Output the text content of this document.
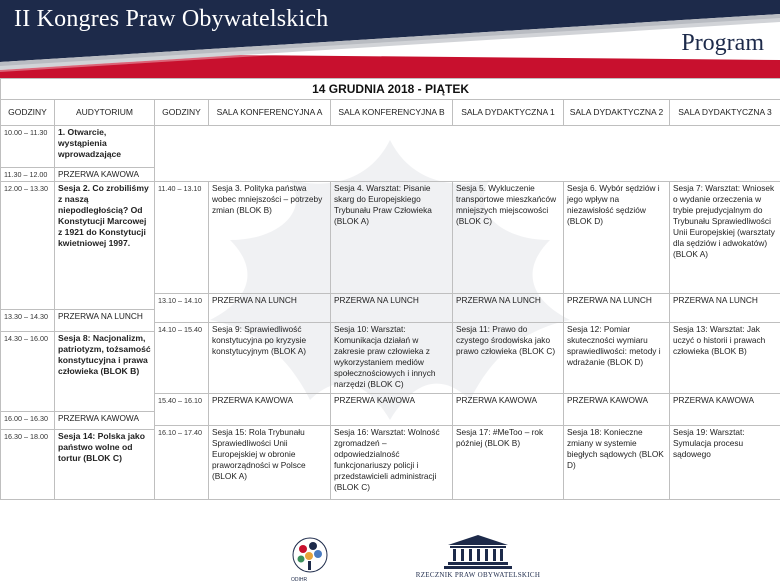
II Kongres Praw Obywatelskich
Program
14 GRUDNIA 2018 - PIĄTEK							
GODZINY	AUDYTORIUM	GODZINY	SALA KONFERENCYJNA A	SALA KONFERENCYJNA B	SALA DYDAKTYCZNA 1	SALA DYDAKTYCZNA 2	SALA DYDAKTYCZNA 3
10.00 – 11.30	1. Otwarcie, wystąpienia wprowadzające						
11.30 – 12.00	PRZERWA KAWOWA						
12.00 – 13.30	Sesja 2. Co zrobiliśmy z naszą niepodległością? Od Konstytucji Marcowej z 1921 do Konstytucji kwietniowej 1997.	11.40 – 13.10	Sesja 3. Polityka państwa wobec mniejszości – potrzeby zmian (BLOK B)	Sesja 4. Warsztat: Pisanie skarg do Europejskiego Trybunału Praw Człowieka (BLOK A)	Sesja 5. Wykluczenie transportowe mieszkańców mniejszych miejscowości (BLOK C)	Sesja 6. Wybór sędziów i jego wpływ na niezawisłość sędziów (BLOK D)	Sesja 7: Warsztat: Wniosek o wydanie orzeczenia w trybie prejudycjalnym do Trybunału Sprawiedliwości Unii Europejskiej (warsztaty dla sędziów i adwokatów) (BLOK A)
		13.10 – 14.10	PRZERWA NA LUNCH	PRZERWA NA LUNCH	PRZERWA NA LUNCH	PRZERWA NA LUNCH	PRZERWA NA LUNCH
13.30 – 14.30	PRZERWA NA LUNCH						
		14.10 – 15.40	Sesja 9: Sprawiedliwość konstytucyjna po kryzysie konstytucyjnym (BLOK A)	Sesja 10: Warsztat: Komunikacja działań w zakresie praw człowieka z wykorzystaniem mediów społecznościowych i innych narzędzi (BLOK C)	Sesja 11: Prawo do czystego środowiska jako prawo człowieka (BLOK C)	Sesja 12: Pomiar skuteczności wymiaru sprawiedliwości: metody i wdrażanie (BLOK D)	Sesja 13: Warsztat: Jak uczyć o historii i prawach człowieka (BLOK B)
14.30 – 16.00	Sesja 8: Nacjonalizm, patriotyzm, tożsamość konstytucyjna i prawa człowieka (BLOK B)						
		15.40 – 16.10	PRZERWA KAWOWA	PRZERWA KAWOWA	PRZERWA KAWOWA	PRZERWA KAWOWA	PRZERWA KAWOWA
16.00 – 16.30	PRZERWA KAWOWA						
		16.10 – 17.40	Sesja 15: Rola Trybunału Sprawiedliwości Unii Europejskiej w obronie praworządności w Polsce (BLOK A)	Sesja 16: Warsztat: Wolność zgromadzeń – odpowiedzialność funkcjonariuszy policji i przedstawicieli administracji (BLOK C)	Sesja 17: #MeToo – rok później (BLOK B)	Sesja 18: Konieczne zmiany w systemie biegłych sądowych (BLOK D)	Sesja 19: Warsztat: Symulacja procesu sądowego
16.30 – 18.00	Sesja 14: Polska jako państwo wolne od tortur (BLOK C)						

ODIHR
RZECZNIK PRAW OBYWATELSKICH
